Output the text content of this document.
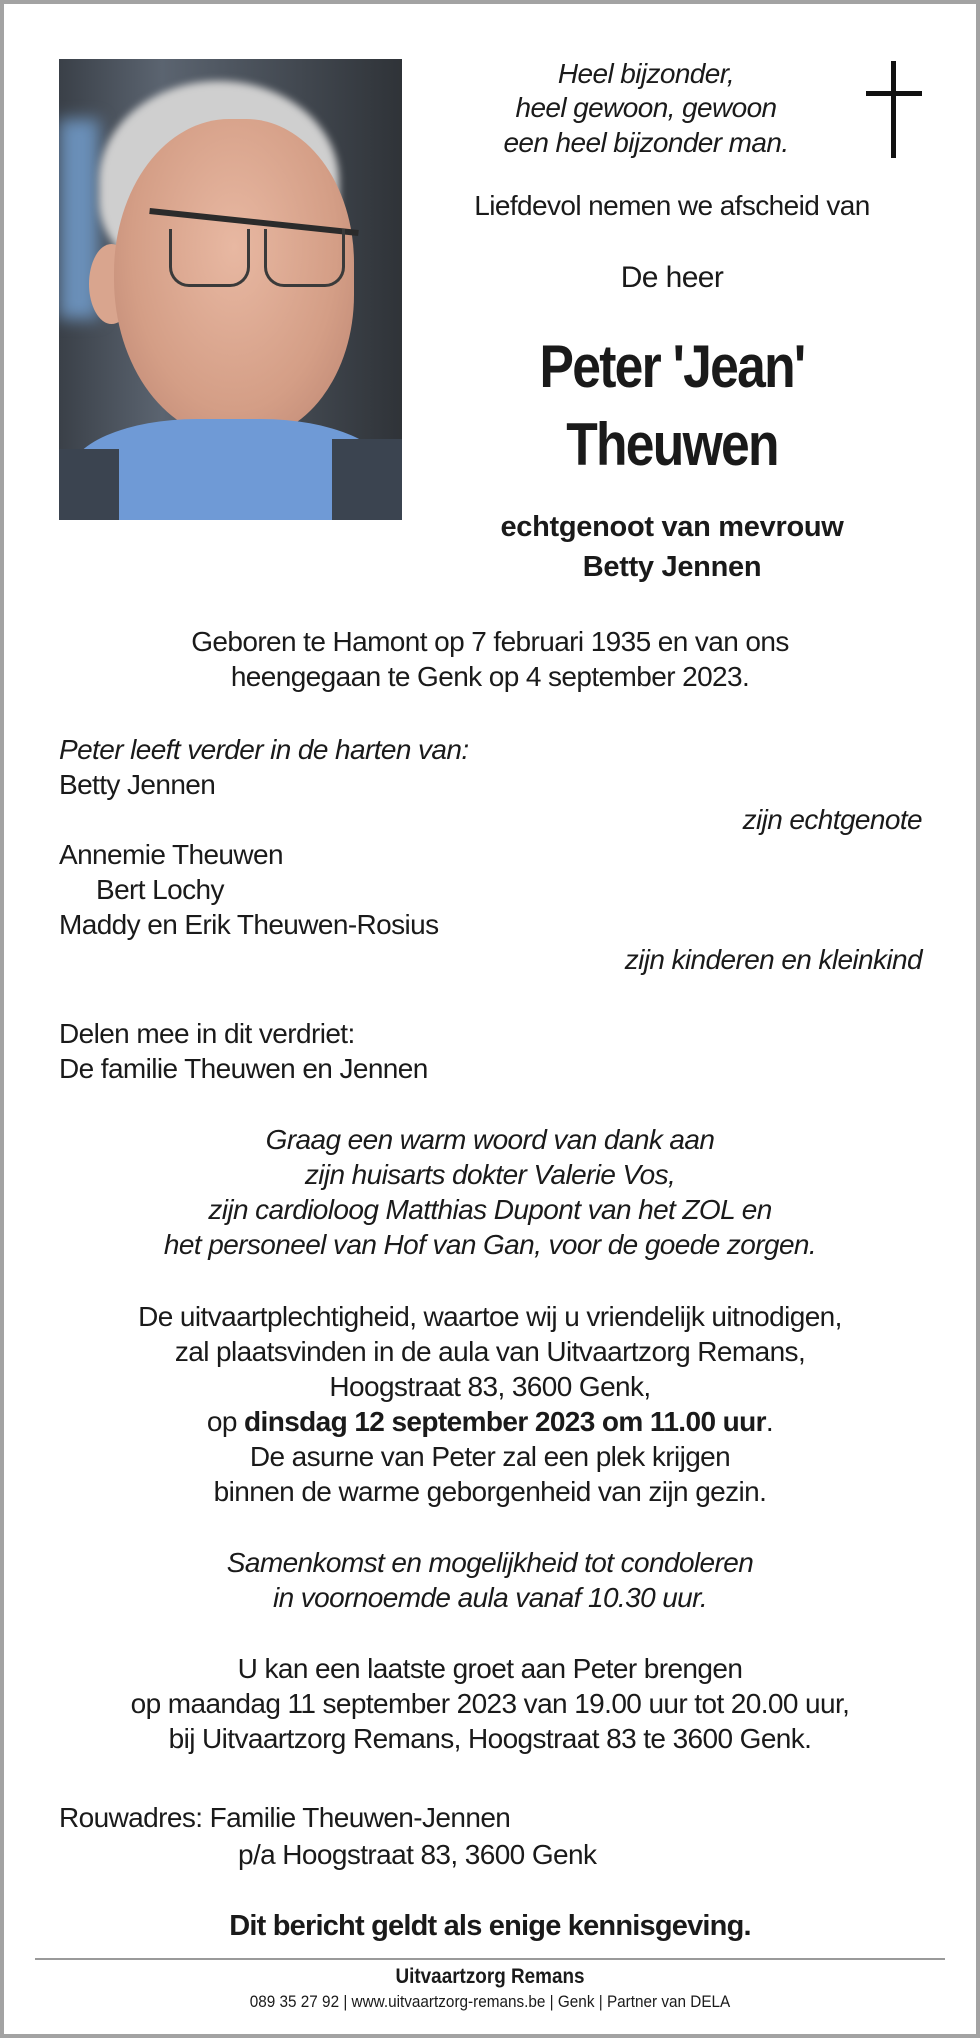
Heel bijzonder,
heel gewoon, gewoon
een heel bijzonder man.
Liefdevol nemen we afscheid van
De heer
Peter 'Jean'
Theuwen
echtgenoot van mevrouw
Betty Jennen
Geboren te Hamont op 7 februari 1935 en van ons
heengegaan te Genk op 4 september 2023.
Peter leeft verder in de harten van:
Betty Jennen
zijn echtgenote
Annemie Theuwen
Bert Lochy
Maddy en Erik Theuwen-Rosius
zijn kinderen en kleinkind
Delen mee in dit verdriet:
De familie Theuwen en Jennen
Graag een warm woord van dank aan
zijn huisarts dokter Valerie Vos,
zijn cardioloog Matthias Dupont van het ZOL en
het personeel van Hof van Gan, voor de goede zorgen.
De uitvaartplechtigheid, waartoe wij u vriendelijk uitnodigen,
zal plaatsvinden in de aula van Uitvaartzorg Remans,
Hoogstraat 83, 3600 Genk,
op dinsdag 12 september 2023 om 11.00 uur.
De asurne van Peter zal een plek krijgen
binnen de warme geborgenheid van zijn gezin.
Samenkomst en mogelijkheid tot condoleren
in voornoemde aula vanaf 10.30 uur.
U kan een laatste groet aan Peter brengen
op maandag 11 september 2023 van 19.00 uur tot 20.00 uur,
bij Uitvaartzorg Remans, Hoogstraat 83 te 3600 Genk.
Rouwadres: Familie Theuwen-Jennen
p/a Hoogstraat 83, 3600 Genk
Dit bericht geldt als enige kennisgeving.
Uitvaartzorg Remans
089 35 27 92 | www.uitvaartzorg-remans.be | Genk | Partner van DELA
